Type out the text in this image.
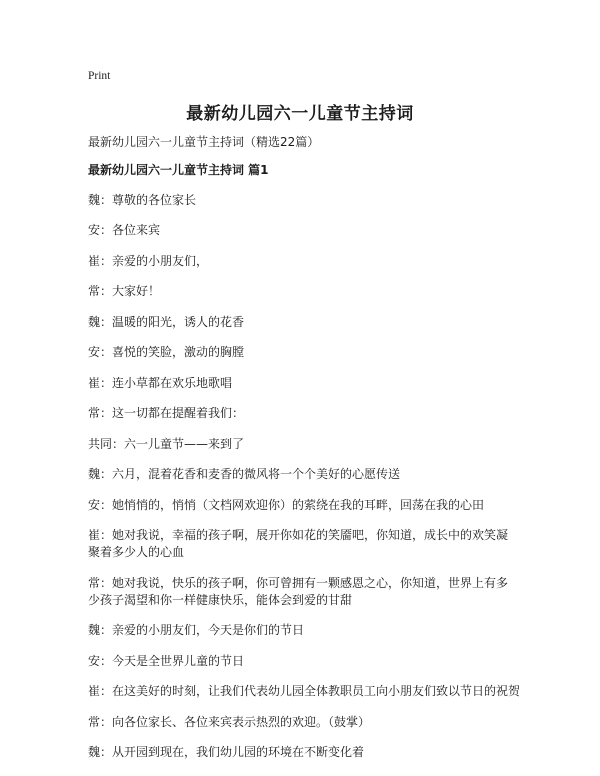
Print
最新幼儿园六一儿童节主持词

最新幼儿园六一儿童节主持词（精选22篇）

最新幼儿园六一儿童节主持词 篇1

魏：尊敬的各位家长

安：各位来宾

崔：亲爱的小朋友们，

常：大家好！

魏：温暖的阳光，诱人的花香

安：喜悦的笑脸，激动的胸膛

崔：连小草都在欢乐地歌唱

常：这一切都在提醒着我们：

共同：六一儿童节——来到了

魏：六月，混着花香和麦香的微风将一个个美好的心愿传送

安：她悄悄的，悄悄（文档网欢迎你）的萦绕在我的耳畔，回荡在我的心田

崔：她对我说，幸福的孩子啊，展开你如花的笑靥吧，你知道，成长中的欢笑凝聚着多少人的心血

常：她对我说，快乐的孩子啊，你可曾拥有一颗感恩之心，你知道，世界上有多少孩子渴望和你一样健康快乐，能体会到爱的甘甜

魏：亲爱的小朋友们，今天是你们的节日

安：今天是全世界儿童的节日

崔：在这美好的时刻，让我们代表幼儿园全体教职员工向小朋友们致以节日的祝贺

常：向各位家长、各位来宾表示热烈的欢迎。（鼓掌）

魏：从开园到现在，我们幼儿园的环境在不断变化着
